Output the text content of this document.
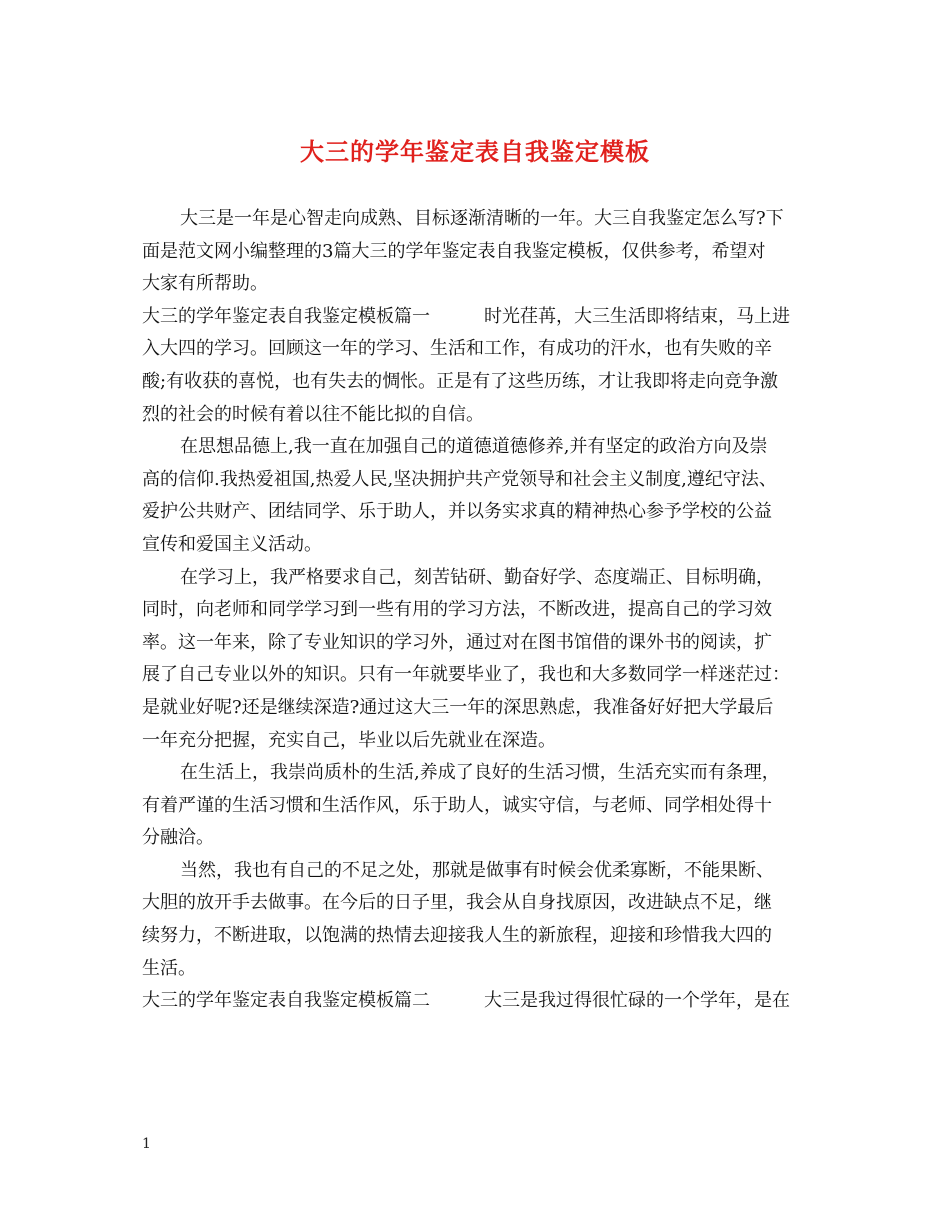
大三的学年鉴定表自我鉴定模板
大三是一年是心智走向成熟、目标逐渐清晰的一年。大三自我鉴定怎么写?下
面是范文网小编整理的3篇大三的学年鉴定表自我鉴定模板，仅供参考，希望对
大家有所帮助。
大三的学年鉴定表自我鉴定模板篇一	时光荏苒，大三生活即将结束，马上进
入大四的学习。回顾这一年的学习、生活和工作，有成功的汗水，也有失败的辛
酸;有收获的喜悦，也有失去的惆怅。正是有了这些历练，才让我即将走向竞争激
烈的社会的时候有着以往不能比拟的自信。
在思想品德上,我一直在加强自己的道德道德修养,并有坚定的政治方向及崇
高的信仰.我热爱祖国,热爱人民,坚决拥护共产党领导和社会主义制度,遵纪守法、
爱护公共财产、团结同学、乐于助人，并以务实求真的精神热心参予学校的公益
宣传和爱国主义活动。
在学习上，我严格要求自己，刻苦钻研、勤奋好学、态度端正、目标明确，
同时，向老师和同学学习到一些有用的学习方法，不断改进，提高自己的学习效
率。这一年来，除了专业知识的学习外，通过对在图书馆借的课外书的阅读，扩
展了自己专业以外的知识。只有一年就要毕业了，我也和大多数同学一样迷茫过：
是就业好呢?还是继续深造?通过这大三一年的深思熟虑，我准备好好把大学最后
一年充分把握，充实自己，毕业以后先就业在深造。
在生活上，我崇尚质朴的生活,养成了良好的生活习惯，生活充实而有条理，
有着严谨的生活习惯和生活作风，乐于助人，诚实守信，与老师、同学相处得十
分融洽。
当然，我也有自己的不足之处，那就是做事有时候会优柔寡断，不能果断、
大胆的放开手去做事。在今后的日子里，我会从自身找原因，改进缺点不足，继
续努力，不断进取，以饱满的热情去迎接我人生的新旅程，迎接和珍惜我大四的
生活。
大三的学年鉴定表自我鉴定模板篇二	大三是我过得很忙碌的一个学年，是在
1
